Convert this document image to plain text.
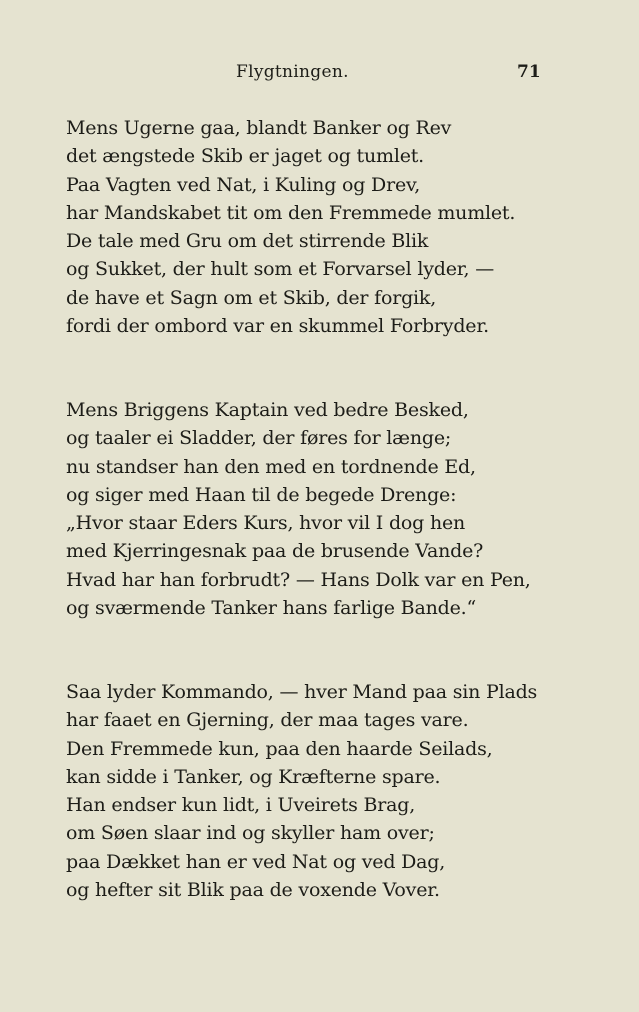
Flygtningen.	71
Mens Ugerne gaa, blandt Banker og Rev
det ængstede Skib er jaget og tumlet.
Paa Vagten ved Nat, i Kuling og Drev,
har Mandskabet tit om den Fremmede mumlet.
De tale med Gru om det stirrende Blik
og Sukket, der hult som et Forvarsel lyder, —
de have et Sagn om et Skib, der forgik,
fordi der ombord var en skummel Forbryder.
Mens Briggens Kaptain ved bedre Besked,
og taaler ei Sladder, der føres for længe;
nu standser han den med en tordnende Ed,
og siger med Haan til de begede Drenge:
„Hvor staar Eders Kurs, hvor vil I dog hen
med Kjerringesnak paa de brusende Vande?
Hvad har han forbrudt? — Hans Dolk var en Pen,
og sværmende Tanker hans farlige Bande.“
Saa lyder Kommando, — hver Mand paa sin Plads
har faaet en Gjerning, der maa tages vare.
Den Fremmede kun, paa den haarde Seilads,
kan sidde i Tanker, og Kræfterne spare.
Han endser kun lidt, i Uveirets Brag,
om Søen slaar ind og skyller ham over;
paa Dækket han er ved Nat og ved Dag,
og hefter sit Blik paa de voxende Vover.
